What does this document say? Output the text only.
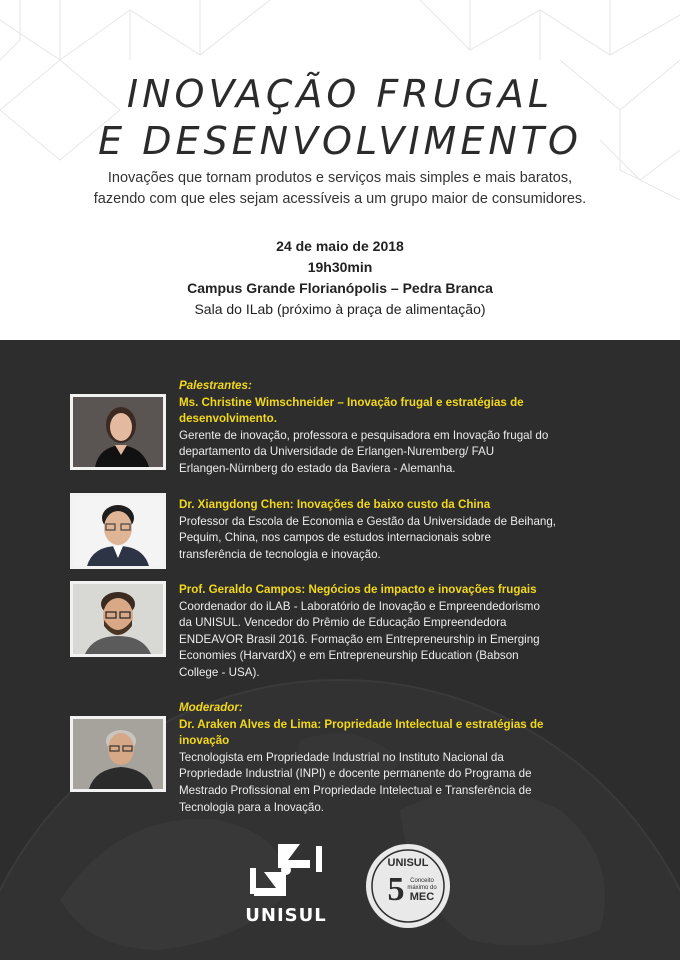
INOVAÇÃO FRUGAL
E DESENVOLVIMENTO
Inovações que tornam produtos e serviços mais simples e mais baratos,
fazendo com que eles sejam acessíveis a um grupo maior de consumidores.
24 de maio de 2018
19h30min
Campus Grande Florianópolis – Pedra Branca
Sala do ILab (próximo à praça de alimentação)
Palestrantes:
Ms. Christine Wimschneider – Inovação frugal e estratégias de
desenvolvimento.
Gerente de inovação, professora e pesquisadora em Inovação frugal do
departamento da Universidade de Erlangen-Nuremberg/ FAU
Erlangen-Nürnberg do estado da Baviera - Alemanha.
Dr. Xiangdong Chen: Inovações de baixo custo da China
Professor da Escola de Economia e Gestão da Universidade de Beihang,
Pequim, China, nos campos de estudos internacionais sobre
transferência de tecnologia e inovação.
Prof. Geraldo Campos: Negócios de impacto e inovações frugais
Coordenador do iLAB - Laboratório de Inovação e Empreendedorismo
da UNISUL. Vencedor do Prêmio de Educação Empreendedora
ENDEAVOR Brasil 2016. Formação em Entrepreneurship in Emerging
Economies (HarvardX) e em Entrepreneurship Education (Babson
College - USA).
Moderador:
Dr. Araken Alves de Lima: Propriedade Intelectual e estratégias de
inovação
Tecnologista em Propriedade Industrial no Instituto Nacional da
Propriedade Industrial (INPI) e docente permanente do Programa de
Mestrado Profissional em Propriedade Intelectual e Transferência de
Tecnologia para a Inovação.
UNISUL
UNISUL
5 Conceito
máximo do
MEC
